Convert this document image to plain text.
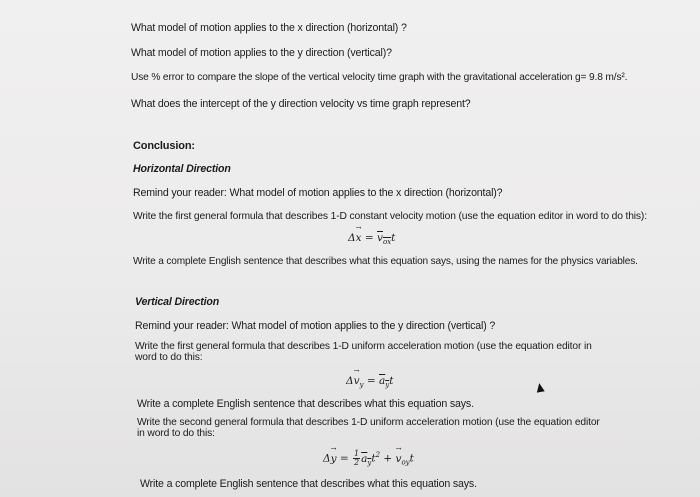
What model of motion applies to the x direction (horizontal) ?
What model of motion applies to the y direction (vertical)?
Use % error to compare the slope of the vertical velocity time graph with the gravitational acceleration g= 9.8 m/s².
What does the intercept of the y direction velocity vs time graph represent?
Conclusion:
Horizontal Direction
Remind your reader: What model of motion applies to the x direction (horizontal)?
Write the first general formula that describes 1-D constant velocity motion (use the equation editor in word to do this):
$\Delta\to x = v_{ox}t$
Write a complete English sentence that describes what this equation says, using the names for the physics variables.
Vertical Direction
Remind your reader: What model of motion applies to the y direction (vertical) ?
Write the first general formula that describes 1-D uniform acceleration motion (use the equation editor in word to do this:
$\Delta\to v_y = a_yt$
Write a complete English sentence that describes what this equation says.
Write the second general formula that describes 1-D uniform acceleration motion (use the equation editor in word to do this:
$\Delta\to y = \frac{1}{2} a_yt^2$ + → $v_{oy}t$
Write a complete English sentence that describes what this equation says.
